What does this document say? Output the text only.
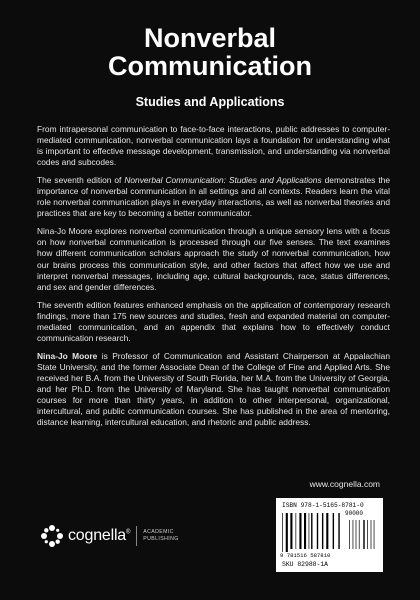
Nonverbal
Communication
Studies and Applications

From intrapersonal communication to face-to-face interactions, public addresses to computer-mediated communication, nonverbal communication lays a foundation for understanding what is important to effective message development, transmission, and understanding via nonverbal codes and subcodes.

The seventh edition of Nonverbal Communication: Studies and Applications demonstrates the importance of nonverbal communication in all settings and all contexts. Readers learn the vital role nonverbal communication plays in everyday interactions, as well as nonverbal theories and practices that are key to becoming a better communicator.

Nina-Jo Moore explores nonverbal communication through a unique sensory lens with a focus on how nonverbal communication is processed through our five senses. The text examines how different communication scholars approach the study of nonverbal communication, how our brains process this communication style, and other factors that affect how we use and interpret nonverbal messages, including age, cultural backgrounds, race, status differences, and sex and gender differences.

The seventh edition features enhanced emphasis on the application of contemporary research findings, more than 175 new sources and studies, fresh and expanded material on computer-mediated communication, and an appendix that explains how to effectively conduct communication research.

Nina-Jo Moore is Professor of Communication and Assistant Chairperson at Appalachian State University, and the former Associate Dean of the College of Fine and Applied Arts. She received her B.A. from the University of South Florida, her M.A. from the University of Georgia, and her Ph.D. from the University of Maryland. She has taught nonverbal communication courses for more than thirty years, in addition to other interpersonal, organizational, intercultural, and public communication courses. She has published in the area of mentoring, distance learning, intercultural education, and rhetoric and public address.

www.cognella.com
ISBN 978-1-5165-8781-0
90000
9 781516 587810
SKU 82988-1A
cognella®	ACADEMIC
PUBLISHING
